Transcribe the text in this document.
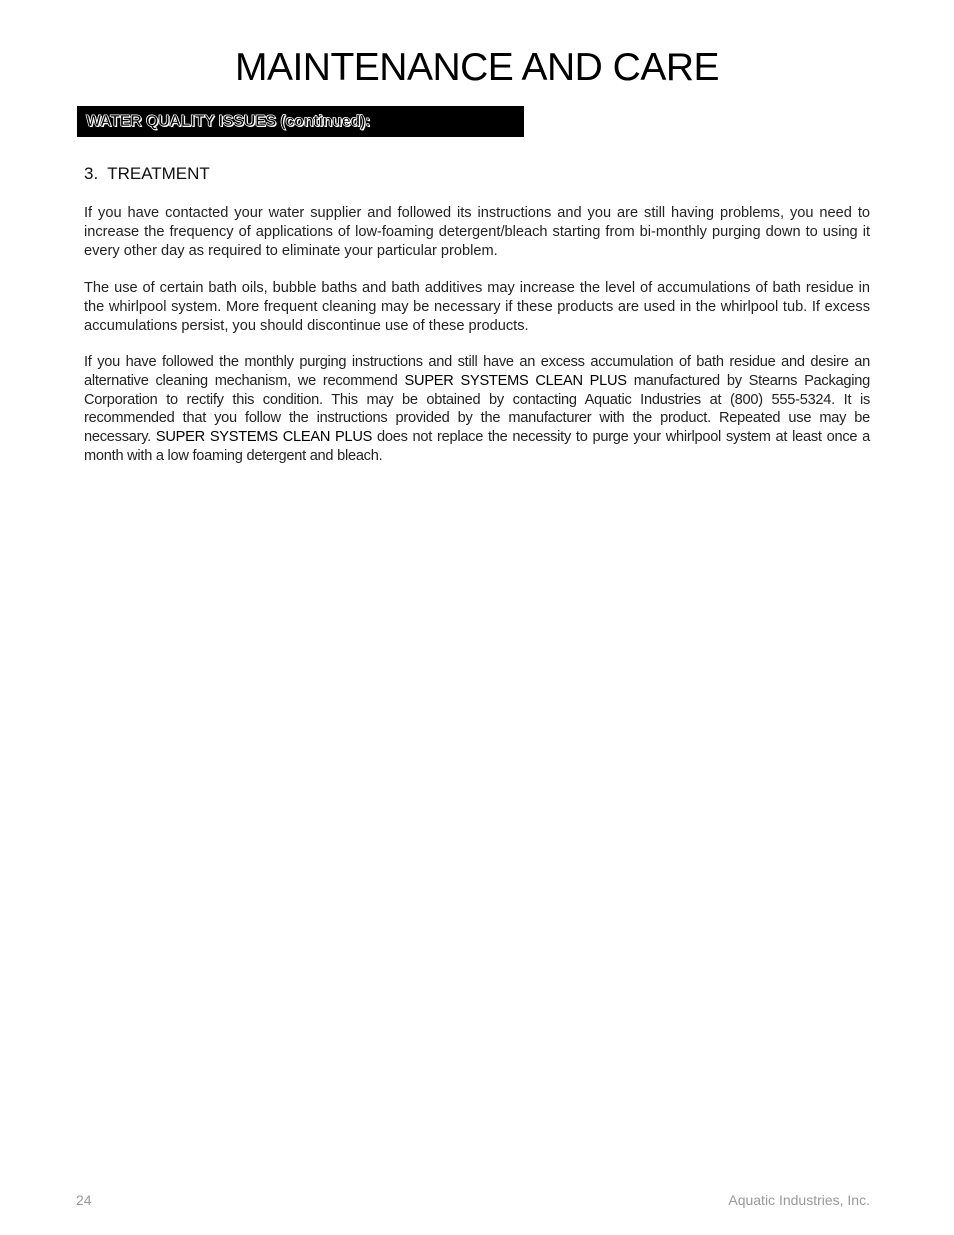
MAINTENANCE AND CARE
WATER QUALITY ISSUES (continued):
3. TREATMENT

If you have contacted your water supplier and followed its instructions and you are still having problems, you need to increase the frequency of applications of low-foaming detergent/bleach starting from bi-monthly purging down to using it every other day as required to eliminate your particular problem.

The use of certain bath oils, bubble baths and bath additives may increase the level of accumulations of bath residue in the whirlpool system. More frequent cleaning may be necessary if these products are used in the whirlpool tub. If excess accumulations persist, you should discontinue use of these products.

If you have followed the monthly purging instructions and still have an excess accumulation of bath residue and desire an alternative cleaning mechanism, we recommend SUPER SYSTEMS CLEAN PLUS manufactured by Stearns Packaging Corporation to rectify this condition. This may be obtained by contacting Aquatic Industries at (800) 555-5324. It is recommended that you follow the instructions provided by the manufacturer with the product. Repeated use may be necessary. SUPER SYSTEMS CLEAN PLUS does not replace the necessity to purge your whirlpool system at least once a month with a low foaming detergent and bleach.

24	Aquatic Industries, Inc.
